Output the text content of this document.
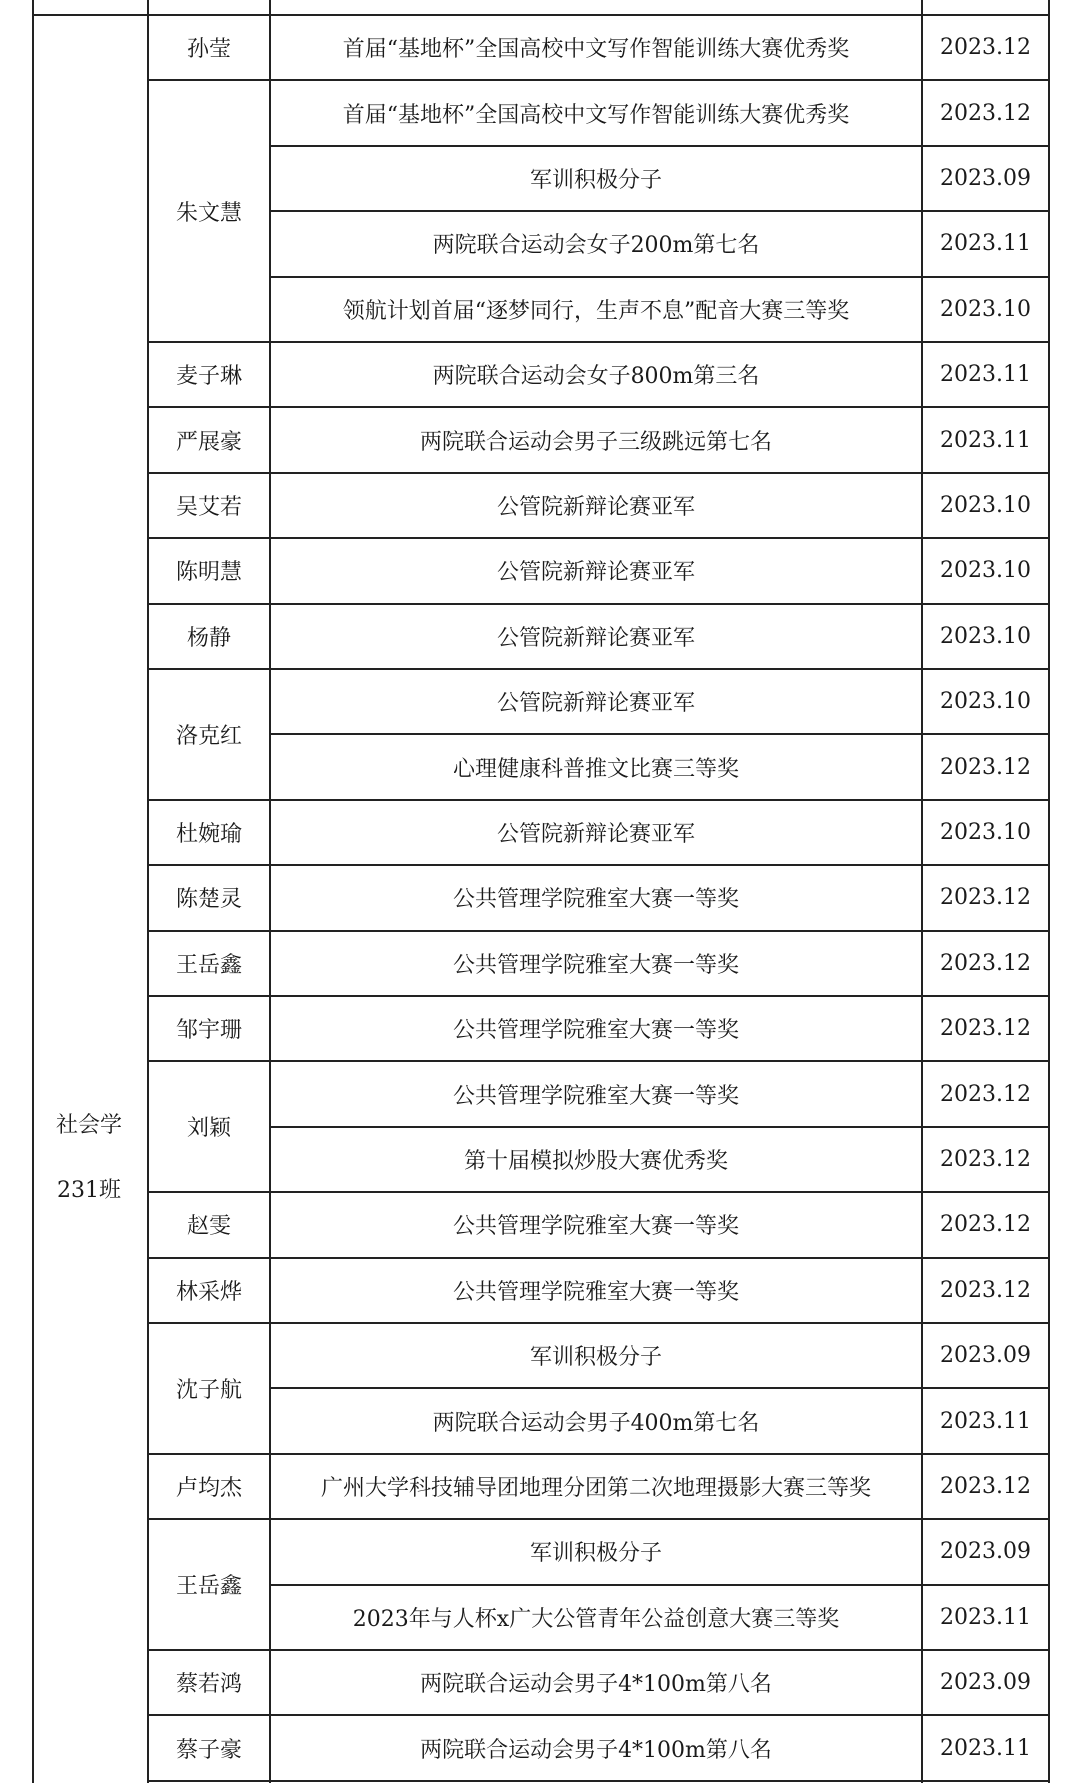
社会学
231班
孙莹	首届“基地杯”全国高校中文写作智能训练大赛优秀奖	2023.12
朱文慧
首届“基地杯”全国高校中文写作智能训练大赛优秀奖	2023.12
军训积极分子	2023.09
两院联合运动会女子200m第七名	2023.11
领航计划首届“逐梦同行，生声不息”配音大赛三等奖	2023.10
麦子琳	两院联合运动会女子800m第三名	2023.11
严展豪	两院联合运动会男子三级跳远第七名	2023.11
吴艾若	公管院新辩论赛亚军	2023.10
陈明慧	公管院新辩论赛亚军	2023.10
杨静	公管院新辩论赛亚军	2023.10
洛克红
公管院新辩论赛亚军	2023.10
心理健康科普推文比赛三等奖	2023.12
杜婉瑜	公管院新辩论赛亚军	2023.10
陈楚灵	公共管理学院雅室大赛一等奖	2023.12
王岳鑫	公共管理学院雅室大赛一等奖	2023.12
邹宇珊	公共管理学院雅室大赛一等奖	2023.12
刘颖
公共管理学院雅室大赛一等奖	2023.12
第十届模拟炒股大赛优秀奖	2023.12
赵雯	公共管理学院雅室大赛一等奖	2023.12
林采烨	公共管理学院雅室大赛一等奖	2023.12
沈子航
军训积极分子	2023.09
两院联合运动会男子400m第七名	2023.11
卢均杰	广州大学科技辅导团地理分团第二次地理摄影大赛三等奖	2023.12
王岳鑫
军训积极分子	2023.09
2023年与人杯x广大公管青年公益创意大赛三等奖	2023.11
蔡若鸿	两院联合运动会男子4*100m第八名	2023.09
蔡子豪	两院联合运动会男子4*100m第八名	2023.11
